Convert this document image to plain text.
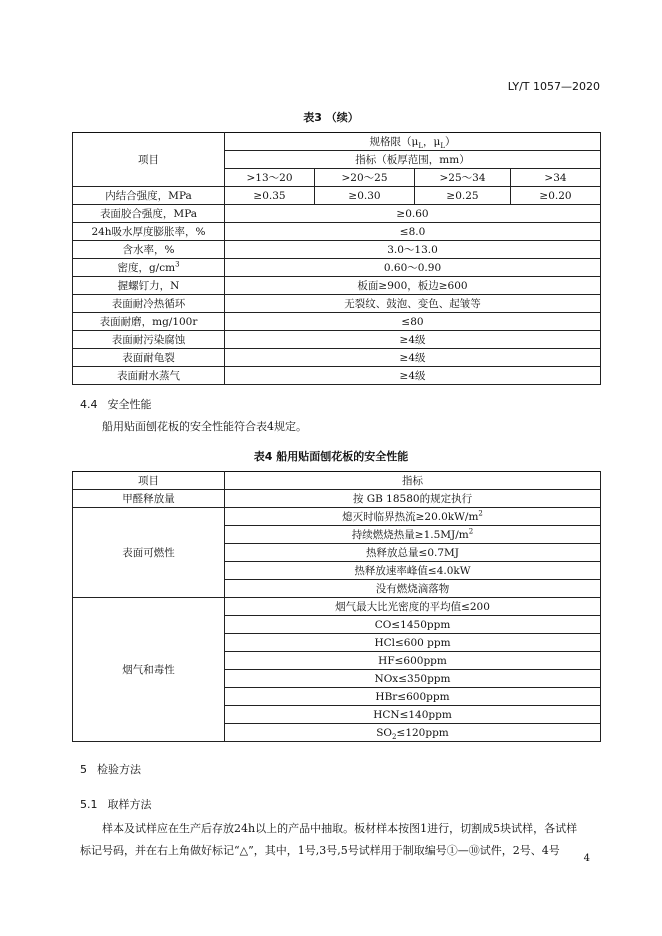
LY/T 1057—2020
表3 （续）
项目	规格限（$\mu_L$，$\mu_L$）			
	指标（板厚范围，mm）			
	>13～20	>20～25	>25～34	>34
内结合强度，MPa	≥0.35	≥0.30	≥0.25	≥0.20
表面胶合强度，MPa	≥0.60			
24h吸水厚度膨胀率，%	≤8.0			
含水率，%	3.0～13.0			
密度，$g/cm^3$	0.60～0.90			
握螺钉力，N	板面≥900，板边≥600			
表面耐冷热循环	无裂纹、鼓泡、变色、起皱等			
表面耐磨，mg/100r	≤80			
表面耐污染腐蚀	≥4级			
表面耐龟裂	≥4级			
表面耐水蒸气	≥4级			
4.4 安全性能
船用贴面刨花板的安全性能符合表4规定。
表4 船用贴面刨花板的安全性能
项目	指标
甲醛释放量	按 GB 18580的规定执行
表面可燃性	熄灭时临界热流$\ge 20.0kW/m^2$
	持续燃烧热量$\ge 1.5MJ/m^2$
	热释放总量≤0.7MJ
	热释放速率峰值≤4.0kW
	没有燃烧滴落物
烟气和毒性	烟气最大比光密度的平均值≤200
	CO≤1450ppm
	HCl≤600 ppm
	HF≤600ppm
	NOx≤350ppm
	HBr≤600ppm
	HCN≤140ppm
	$SO_2\le 120ppm$
5 检验方法
5.1 取样方法
样本及试样应在生产后存放24h以上的产品中抽取。板材样本按图1进行，切割成5块试样，各试样
标记号码，并在右上角做好标记“△”，其中，1号,3号,5号试样用于制取编号①—⑩试件，2号、4号
4
